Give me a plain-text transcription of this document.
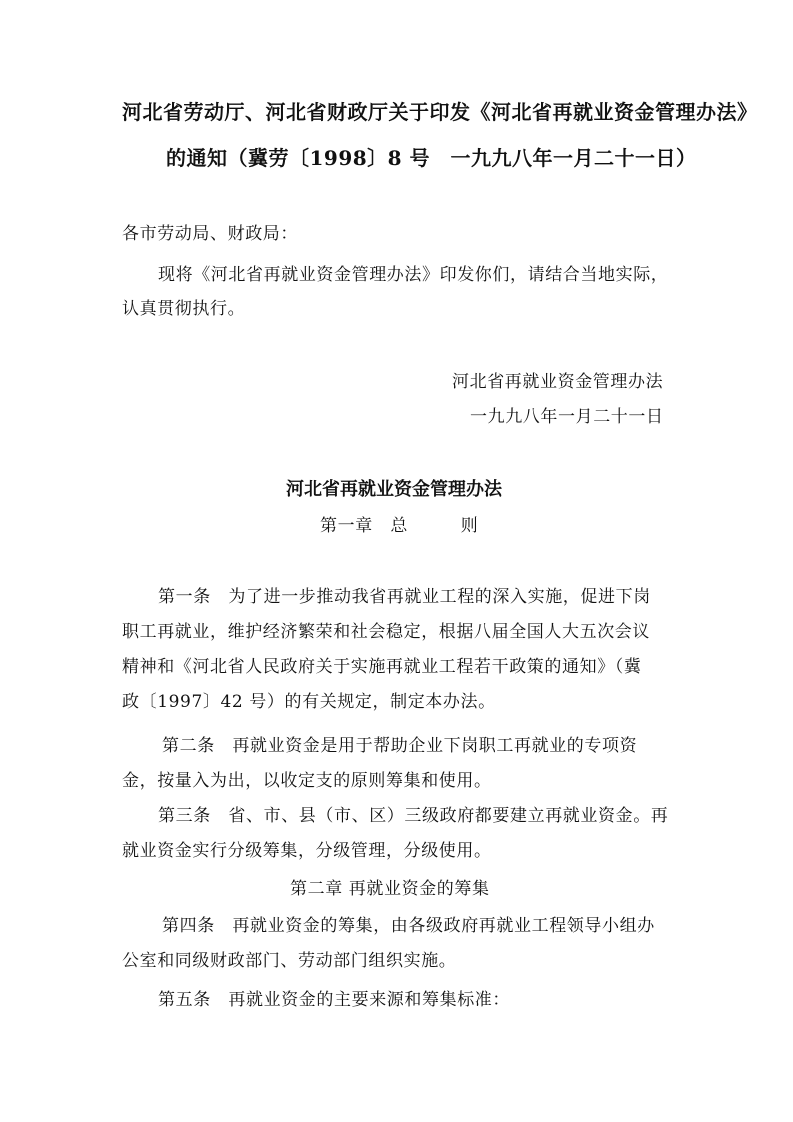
河北省劳动厅、河北省财政厅关于印发《河北省再就业资金管理办法》
的通知（冀劳〔1998〕8 号　一九九八年一月二十一日）

各市劳动局、财政局：

现将《河北省再就业资金管理办法》印发你们，请结合当地实际，

认真贯彻执行。

河北省再就业资金管理办法

一九九八年一月二十一日

河北省再就业资金管理办法

第一章　总　　　则

第一条　为了进一步推动我省再就业工程的深入实施，促进下岗

职工再就业，维护经济繁荣和社会稳定，根据八届全国人大五次会议

精神和《河北省人民政府关于实施再就业工程若干政策的通知》（冀

政〔1997〕42 号）的有关规定，制定本办法。

第二条　再就业资金是用于帮助企业下岗职工再就业的专项资

金，按量入为出，以收定支的原则筹集和使用。

第三条　省、市、县（市、区）三级政府都要建立再就业资金。再

就业资金实行分级筹集，分级管理，分级使用。

第二章 再就业资金的筹集

第四条　再就业资金的筹集，由各级政府再就业工程领导小组办

公室和同级财政部门、劳动部门组织实施。

第五条　再就业资金的主要来源和筹集标准：
